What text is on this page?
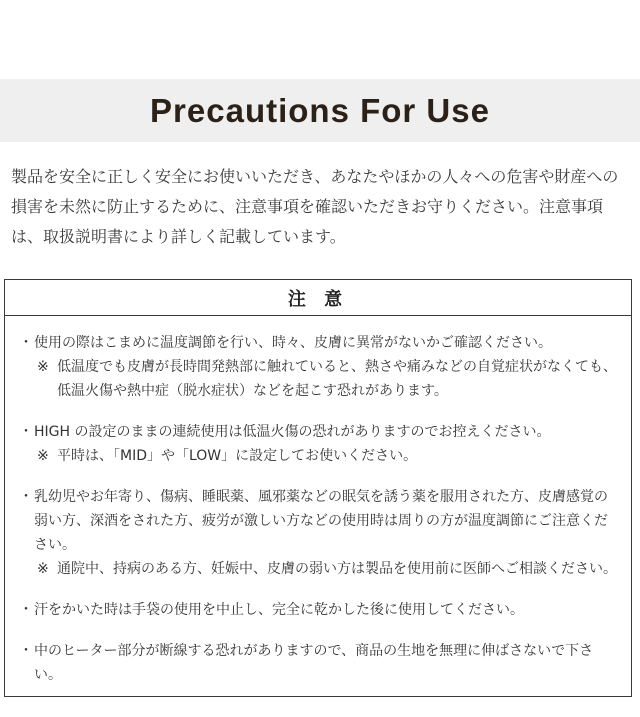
Precautions For Use

製品を安全に正しく安全にお使いいただき、あなたやほかの人々への危害や財産への損害を未然に防止するために、注意事項を確認いただきお守りください。注意事項は、取扱説明書により詳しく記載しています。

注 意
・ 使用の際はこまめに温度調節を行い、時々、皮膚に異常がないかご確認ください。
※ 低温度でも皮膚が長時間発熱部に触れていると、熱さや痛みなどの自覚症状がなくても、低温火傷や熱中症（脱水症状）などを起こす恐れがあります。
・ HIGH の設定のままの連続使用は低温火傷の恐れがありますのでお控えください。
※ 平時は、「MID」や「LOW」に設定してお使いください。
・ 乳幼児やお年寄り、傷病、睡眠薬、風邪薬などの眠気を誘う薬を服用された方、皮膚感覚の弱い方、深酒をされた方、疲労が激しい方などの使用時は周りの方が温度調節にご注意ください。
※ 通院中、持病のある方、妊娠中、皮膚の弱い方は製品を使用前に医師へご相談ください。
・ 汗をかいた時は手袋の使用を中止し、完全に乾かした後に使用してください。
・ 中のヒーター部分が断線する恐れがありますので、商品の生地を無理に伸ばさないで下さい。
